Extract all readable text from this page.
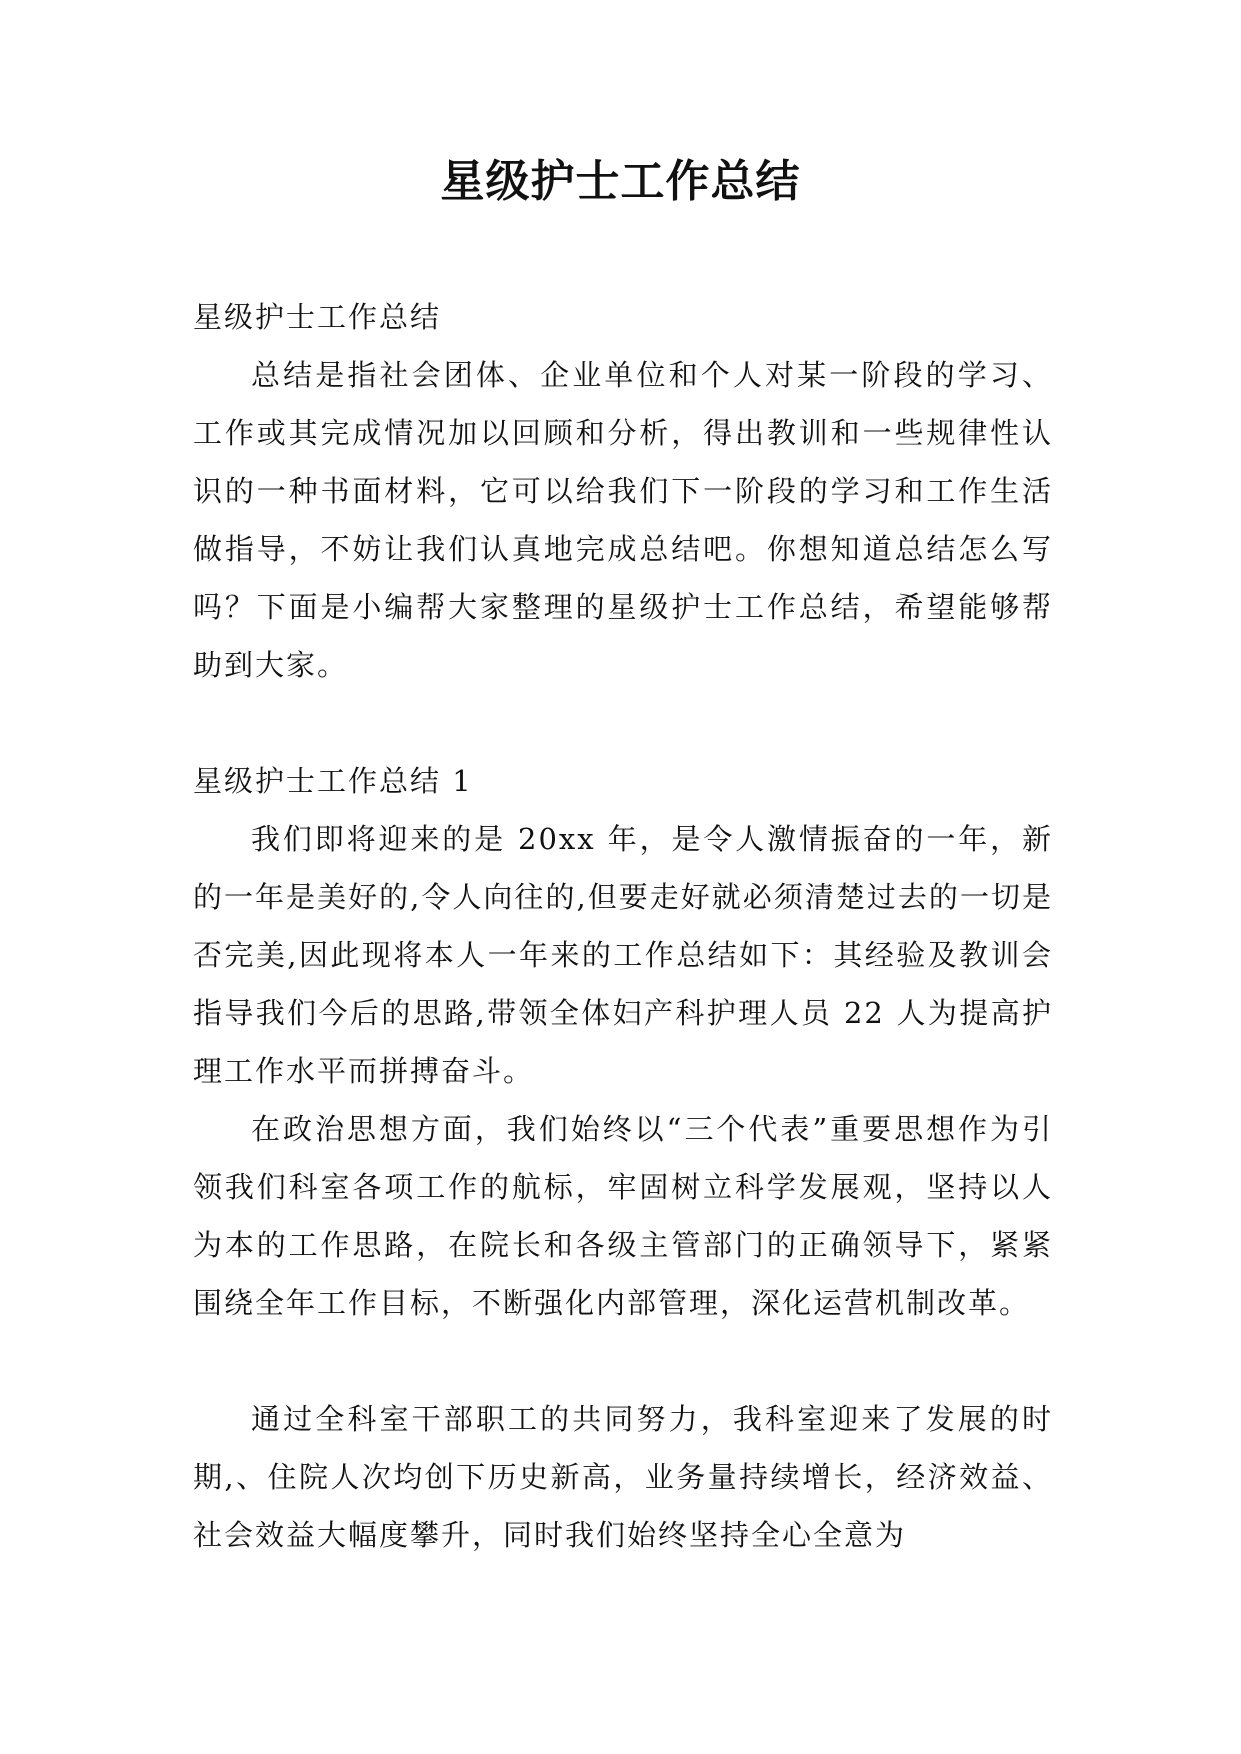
星级护士工作总结

星级护士工作总结

总结是指社会团体、企业单位和个人对某一阶段的学习、工作或其完成情况加以回顾和分析，得出教训和一些规律性认识的一种书面材料，它可以给我们下一阶段的学习和工作生活做指导，不妨让我们认真地完成总结吧。你想知道总结怎么写吗？下面是小编帮大家整理的星级护士工作总结，希望能够帮助到大家。

星级护士工作总结 1

我们即将迎来的是 20xx 年，是令人激情振奋的一年，新的一年是美好的,令人向往的,但要走好就必须清楚过去的一切是否完美,因此现将本人一年来的工作总结如下：其经验及教训会指导我们今后的思路,带领全体妇产科护理人员 22 人为提高护理工作水平而拼搏奋斗。

在政治思想方面，我们始终以“三个代表”重要思想作为引领我们科室各项工作的航标，牢固树立科学发展观，坚持以人为本的工作思路，在院长和各级主管部门的正确领导下，紧紧围绕全年工作目标，不断强化内部管理，深化运营机制改革。

通过全科室干部职工的共同努力，我科室迎来了发展的时期,、住院人次均创下历史新高，业务量持续增长，经济效益、社会效益大幅度攀升，同时我们始终坚持全心全意为
